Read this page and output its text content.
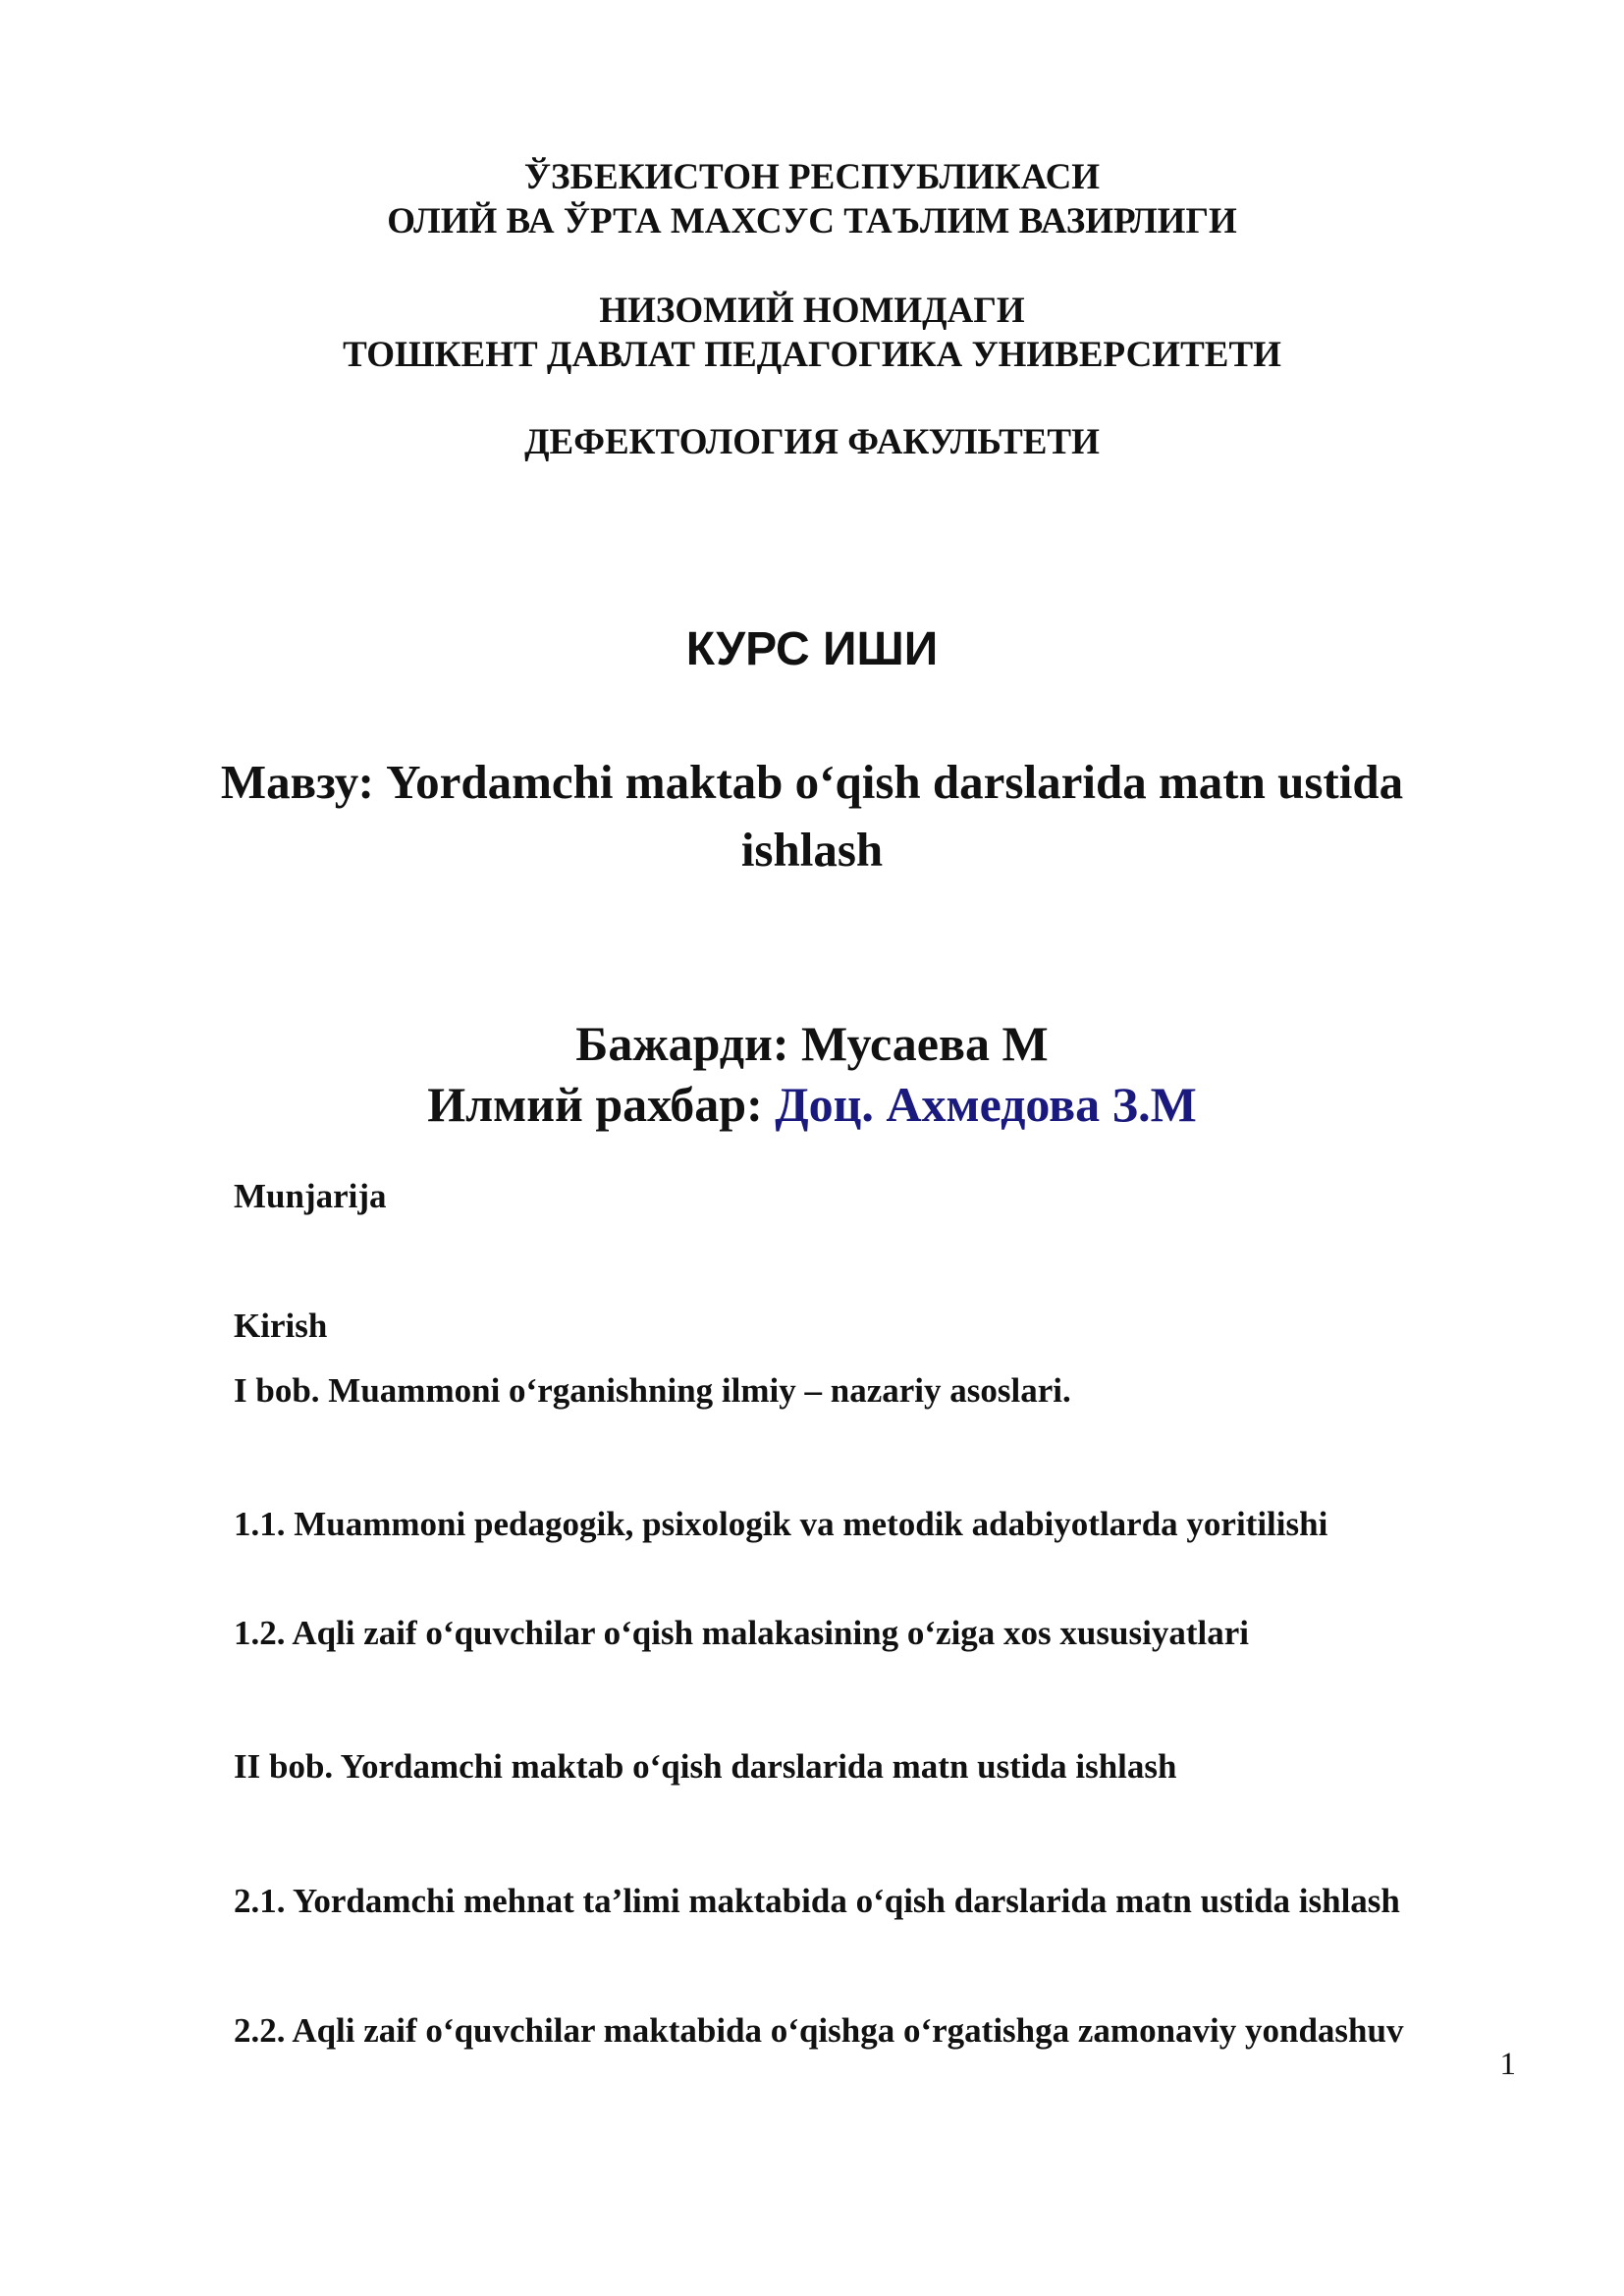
ЎЗБЕКИСТОН РЕСПУБЛИКАСИ
ОЛИЙ ВА ЎРТА МАХСУС ТАЪЛИМ ВАЗИРЛИГИ
НИЗОМИЙ НОМИДАГИ
ТОШКЕНТ ДАВЛАТ ПЕДАГОГИКА УНИВЕРСИТЕТИ
ДЕФЕКТОЛОГИЯ ФАКУЛЬТЕТИ
КУРС ИШИ
Мавзу: Yordamchi maktab o‘qish darslarida matn ustida
ishlash
Бажарди: Мусаева М
Илмий рахбар: Доц. Ахмедова З.М
Munjarija
Kirish
I bob. Muammoni o‘rganishning ilmiy – nazariy asoslari.
1.1. Muammoni pedagogik, psixologik va metodik adabiyotlarda yoritilishi
1.2. Aqli zaif o‘quvchilar o‘qish malakasining o‘ziga xos xususiyatlari
II bob. Yordamchi maktab o‘qish darslarida matn ustida ishlash
2.1. Yordamchi mehnat ta’limi maktabida o‘qish darslarida matn ustida ishlash
2.2. Aqli zaif o‘quvchilar maktabida o‘qishga o‘rgatishga zamonaviy yondashuv
1
